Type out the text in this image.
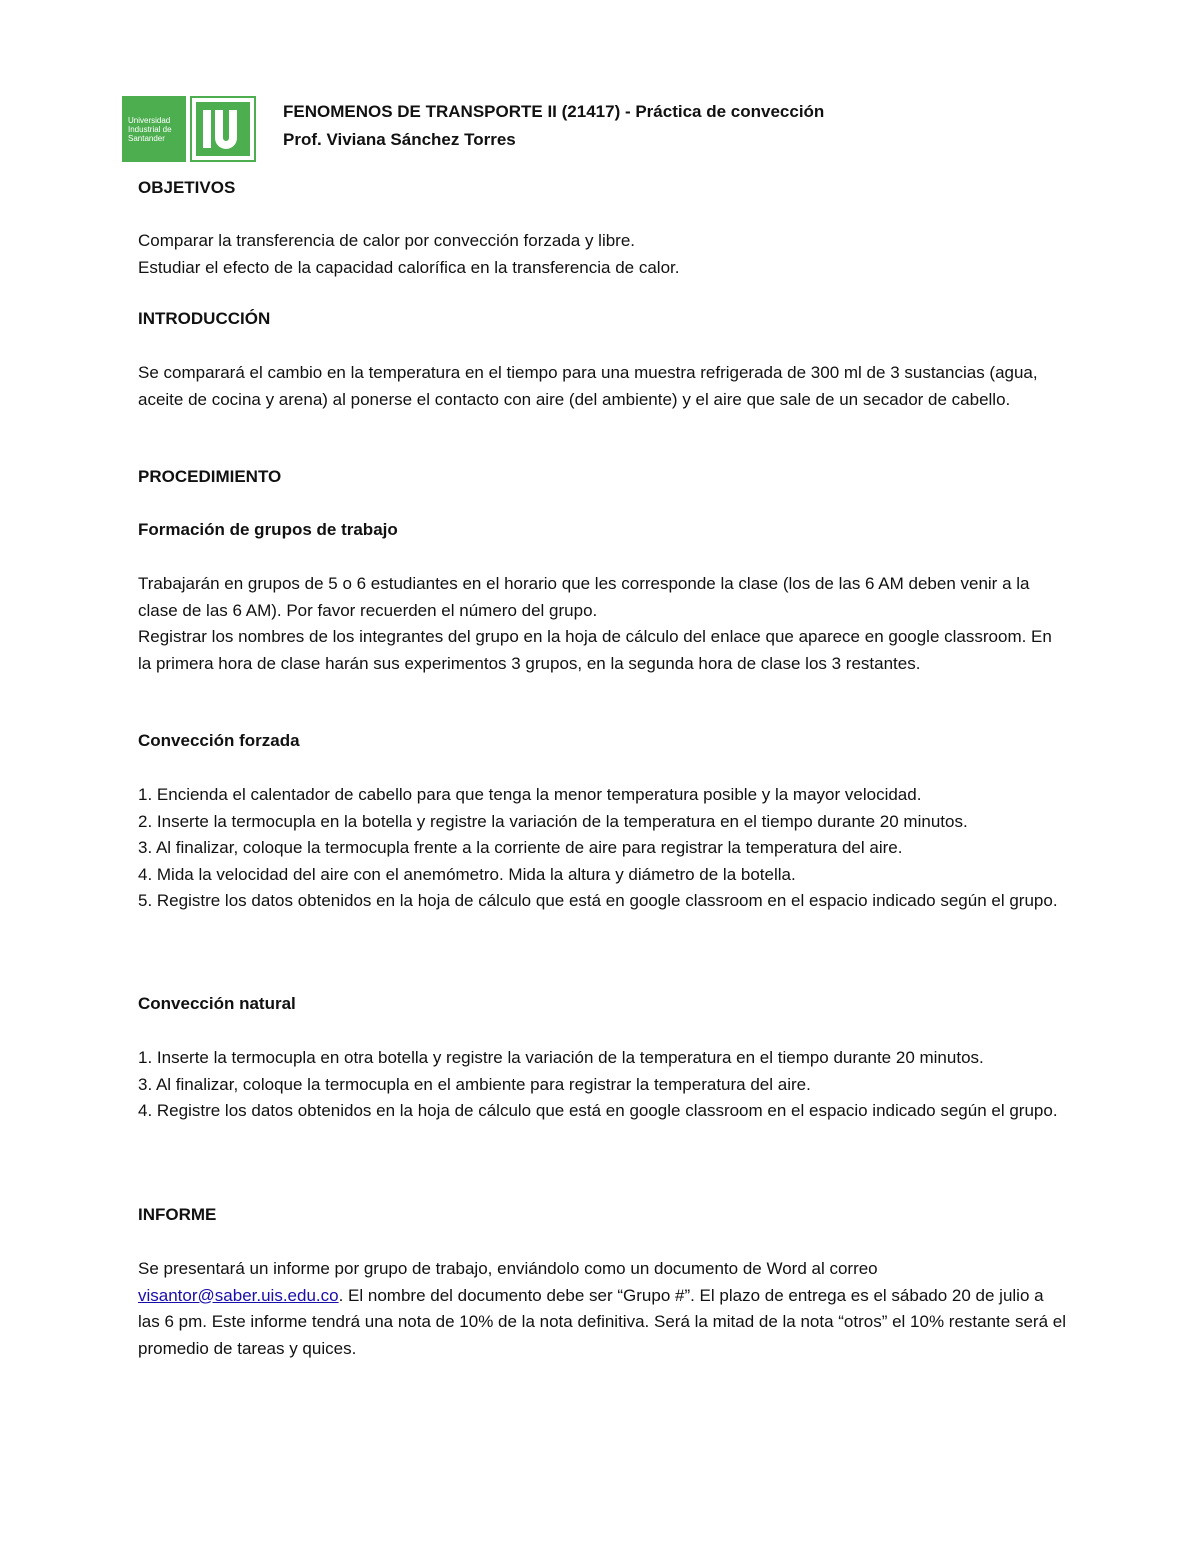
Universidad
Industrial de
Santander
UIS
FENOMENOS DE TRANSPORTE II (21417) - Práctica de convección
Prof. Viviana Sánchez Torres
OBJETIVOS

Comparar la transferencia de calor por convección forzada y libre.

Estudiar el efecto de la capacidad calorífica en la transferencia de calor.

INTRODUCCIÓN

Se comparará el cambio en la temperatura en el tiempo para una muestra refrigerada de 300 ml de 3 sustancias (agua, aceite de cocina y arena) al ponerse el contacto con aire (del ambiente) y el aire que sale de un secador de cabello.

PROCEDIMIENTO
Formación de grupos de trabajo

Trabajarán en grupos de 5 o 6 estudiantes en el horario que les corresponde la clase (los de las 6 AM deben venir a la clase de las 6 AM). Por favor recuerden el número del grupo.

Registrar los nombres de los integrantes del grupo en la hoja de cálculo del enlace que aparece en google classroom. En la primera hora de clase harán sus experimentos 3 grupos, en la segunda hora de clase los 3 restantes.

Convección forzada

1. Encienda el calentador de cabello para que tenga la menor temperatura posible y la mayor velocidad.

2. Inserte la termocupla en la botella y registre la variación de la temperatura en el tiempo durante 20 minutos.

3. Al finalizar, coloque la termocupla frente a la corriente de aire para registrar la temperatura del aire.

4. Mida la velocidad del aire con el anemómetro. Mida la altura y diámetro de la botella.

5. Registre los datos obtenidos en la hoja de cálculo que está en google classroom en el espacio indicado según el grupo.

Convección natural

1. Inserte la termocupla en otra botella y registre la variación de la temperatura en el tiempo durante 20 minutos.

3. Al finalizar, coloque la termocupla en el ambiente para registrar la temperatura del aire.

4. Registre los datos obtenidos en la hoja de cálculo que está en google classroom en el espacio indicado según el grupo.

INFORME

Se presentará un informe por grupo de trabajo, enviándolo como un documento de Word al correo visantor@saber.uis.edu.co. El nombre del documento debe ser “Grupo #”. El plazo de entrega es el sábado 20 de julio a las 6 pm. Este informe tendrá una nota de 10% de la nota definitiva. Será la mitad de la nota “otros” el 10% restante será el promedio de tareas y quices.
